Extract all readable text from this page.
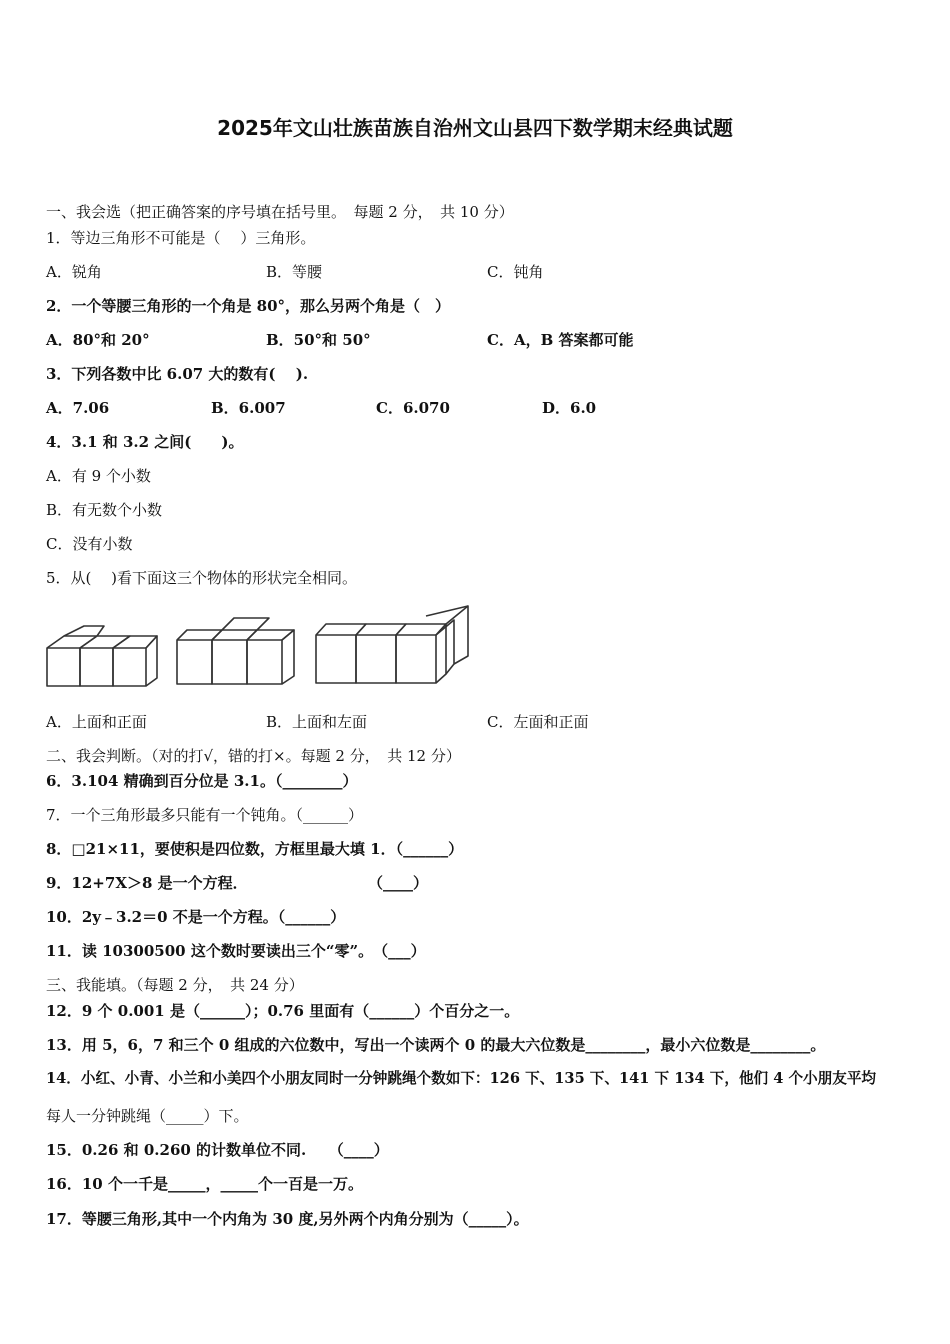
2025年文山壮族苗族自治州文山县四下数学期末经典试题
一、我会选（把正确答案的序号填在括号里。　每题 2 分，　共 10 分）
1．等边三角形不可能是（　 ）三角形。
A．锐角	B．等腰	C．钝角
2．一个等腰三角形的一个角是 80°，那么另两个角是（　）
A．80°和 20°	B．50°和 50°	C．A，B 答案都可能
3．下列各数中比 6.07 大的数有(　 ).
A．7.06	B．6.007	C．6.070	D．6.0
4．3.1 和 3.2 之间(　　)。
A．有 9 个小数
B．有无数个小数
C．没有小数
5．从(　 )看下面这三个物体的形状完全相同。
A．上面和正面	B．上面和左面	C．左面和正面
二、我会判断。（对的打√，错的打×。每题 2 分，　共 12 分）
6．3.104 精确到百分位是 3.1。（________）
7．一个三角形最多只能有一个钝角。（______）
8．□21×11，要使积是四位数，方框里最大填 1．（______）
9．12+7X＞8 是一个方程．	（____）
10．2y﹣3.2＝0 不是一个方程。（______）
11．读 10300500 这个数时要读出三个“零”。　（___）
三、我能填。（每题 2 分，　共 24 分）
12．9 个 0.001 是（______）；0.76 里面有（______）个百分之一。
13．用 5，6，7 和三个 0 组成的六位数中，写出一个读两个 0 的最大六位数是________，最小六位数是________。
14．小红、小青、小兰和小美四个小朋友同时一分钟跳绳个数如下：126 下、135 下、141 下 134 下，他们 4 个小朋友平均
每人一分钟跳绳（_____）下。
15．0.26 和 0.260 的计数单位不同.　　（____）
16．10 个一千是_____，_____个一百是一万。
17．等腰三角形,其中一个内角为 30 度,另外两个内角分别为（_____）。
